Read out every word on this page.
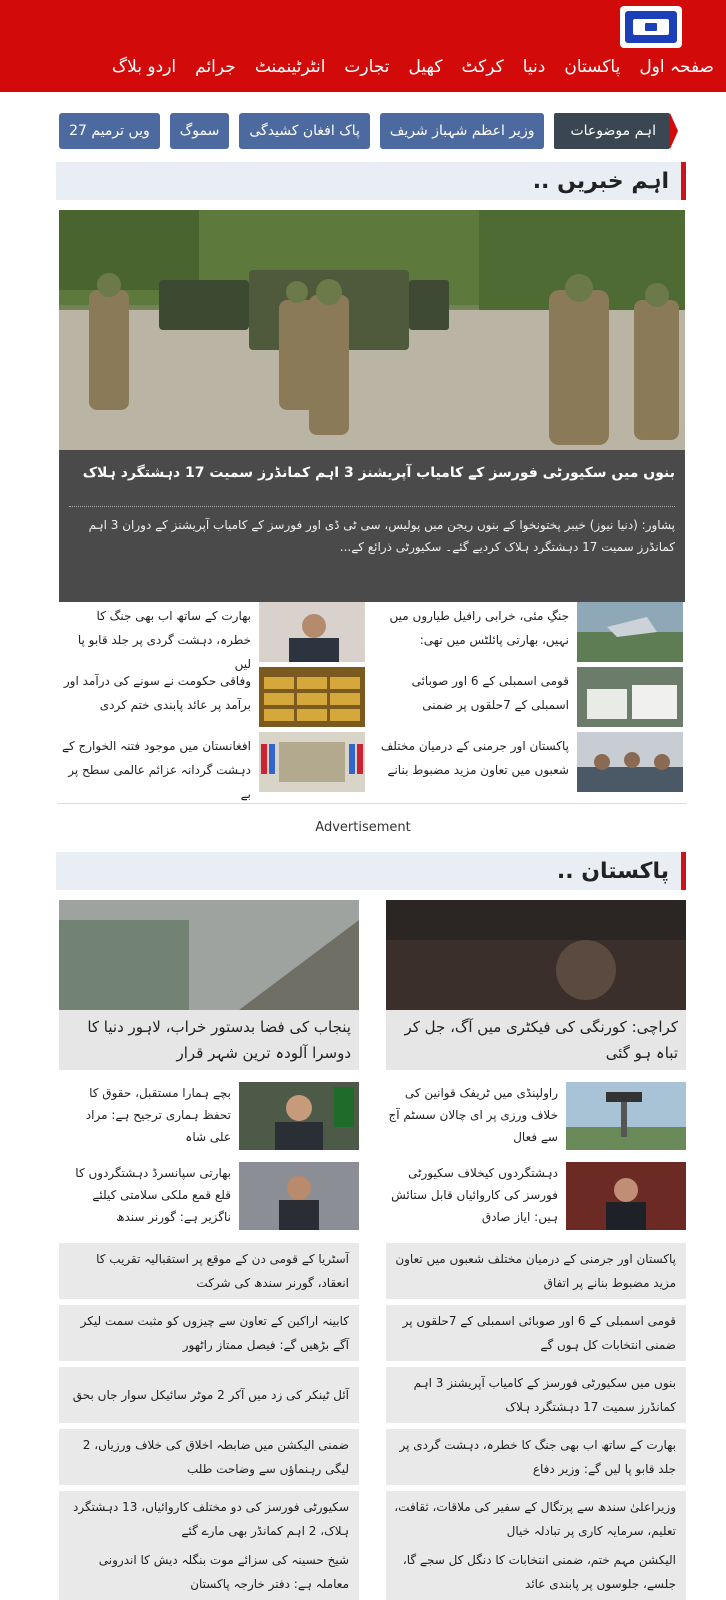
صفحہ اول
پاکستان
دنیا
کرکٹ
کھیل
تجارت
انٹرٹینمنٹ
جرائم
اردو بلاگ
اہم موضوعات
وزیر اعظم شہباز شریف
پاک افغان کشیدگی
سموگ
27 ویں ترمیم
اہم خبریں ..
بنوں میں سکیورٹی فورسز کے کامیاب آپریشنز 3 اہم کمانڈرز سمیت 17 دہشتگرد ہلاک
پشاور: (دنیا نیوز) خیبر پختونخوا کے بنوں ریجن میں پولیس، سی ٹی ڈی اور فورسز کے کامیاب آپریشنز کے دوران 3 اہم کمانڈرز سمیت 17 دہشتگرد ہلاک کردیے گئے۔ سکیورٹی ذرائع کے...
جنگِ مئی، خرابی رافیل طیاروں میں نہیں، بھارتی پائلٹس میں تھی:
بھارت کے ساتھ اب بھی جنگ کا خطرہ، دہشت گردی پر جلد قابو پا لیں
قومی اسمبلی کے 6 اور صوبائی اسمبلی کے 7حلقوں پر ضمنی
وفاقی حکومت نے سونے کی درآمد اور برآمد پر عائد پابندی ختم کردی
پاکستان اور جرمنی کے درمیان مختلف شعبوں میں تعاون مزید مضبوط بنانے
افغانستان میں موجود فتنہ الخوارج کے دہشت گردانہ عزائم عالمی سطح پر بے
Advertisement
پاکستان ..
کراچی: کورنگی کی فیکٹری میں آگ، جل کر تباہ ہو گئی
پنجاب کی فضا بدستور خراب، لاہور دنیا کا دوسرا آلودہ ترین شہر قرار
راولپنڈی میں ٹریفک قوانین کی خلاف ورزی پر ای چالان سسٹم آج سے فعال
بچے ہمارا مستقبل، حقوق کا تحفظ ہماری ترجیح ہے: مراد علی شاہ
دہشتگردوں کیخلاف سکیورٹی فورسز کی کاروائیاں قابل ستائش ہیں: ایاز صادق
بھارتی سپانسرڈ دہشتگردوں کا قلع قمع ملکی سلامتی کیلئے ناگزیر ہے: گورنر سندھ
پاکستان اور جرمنی کے درمیان مختلف شعبوں میں تعاون مزید مضبوط بنانے پر اتفاق
آسٹریا کے قومی دن کے موقع پر استقبالیہ تقریب کا انعقاد، گورنر سندھ کی شرکت
قومی اسمبلی کے 6 اور صوبائی اسمبلی کے 7حلقوں پر ضمنی انتخابات کل ہوں گے
کابینہ اراکین کے تعاون سے چیزوں کو مثبت سمت لیکر آگے بڑھیں گے: فیصل ممتاز راٹھور
بنوں میں سکیورٹی فورسز کے کامیاب آپریشنز 3 اہم کمانڈرز سمیت 17 دہشتگرد ہلاک
آئل ٹینکر کی زد میں آکر 2 موٹر سائیکل سوار جاں بحق
بھارت کے ساتھ اب بھی جنگ کا خطرہ، دہشت گردی پر جلد قابو پا لیں گے: وزیر دفاع
ضمنی الیکشن میں ضابطہ اخلاق کی خلاف ورزیاں، 2 لیگی رہنماؤں سے وضاحت طلب
وزیراعلیٰ سندھ سے پرتگال کے سفیر کی ملاقات، ثقافت، تعلیم، سرمایہ کاری پر تبادلہ خیال
سکیورٹی فورسز کی دو مختلف کاروائیاں، 13 دہشتگرد ہلاک، 2 اہم کمانڈر بھی مارے گئے
الیکشن مہم ختم، ضمنی انتخابات کا دنگل کل سجے گا، جلسے، جلوسوں پر پابندی عائد
شیخ حسینہ کی سزائے موت بنگلہ دیش کا اندرونی معاملہ ہے: دفتر خارجہ پاکستان
